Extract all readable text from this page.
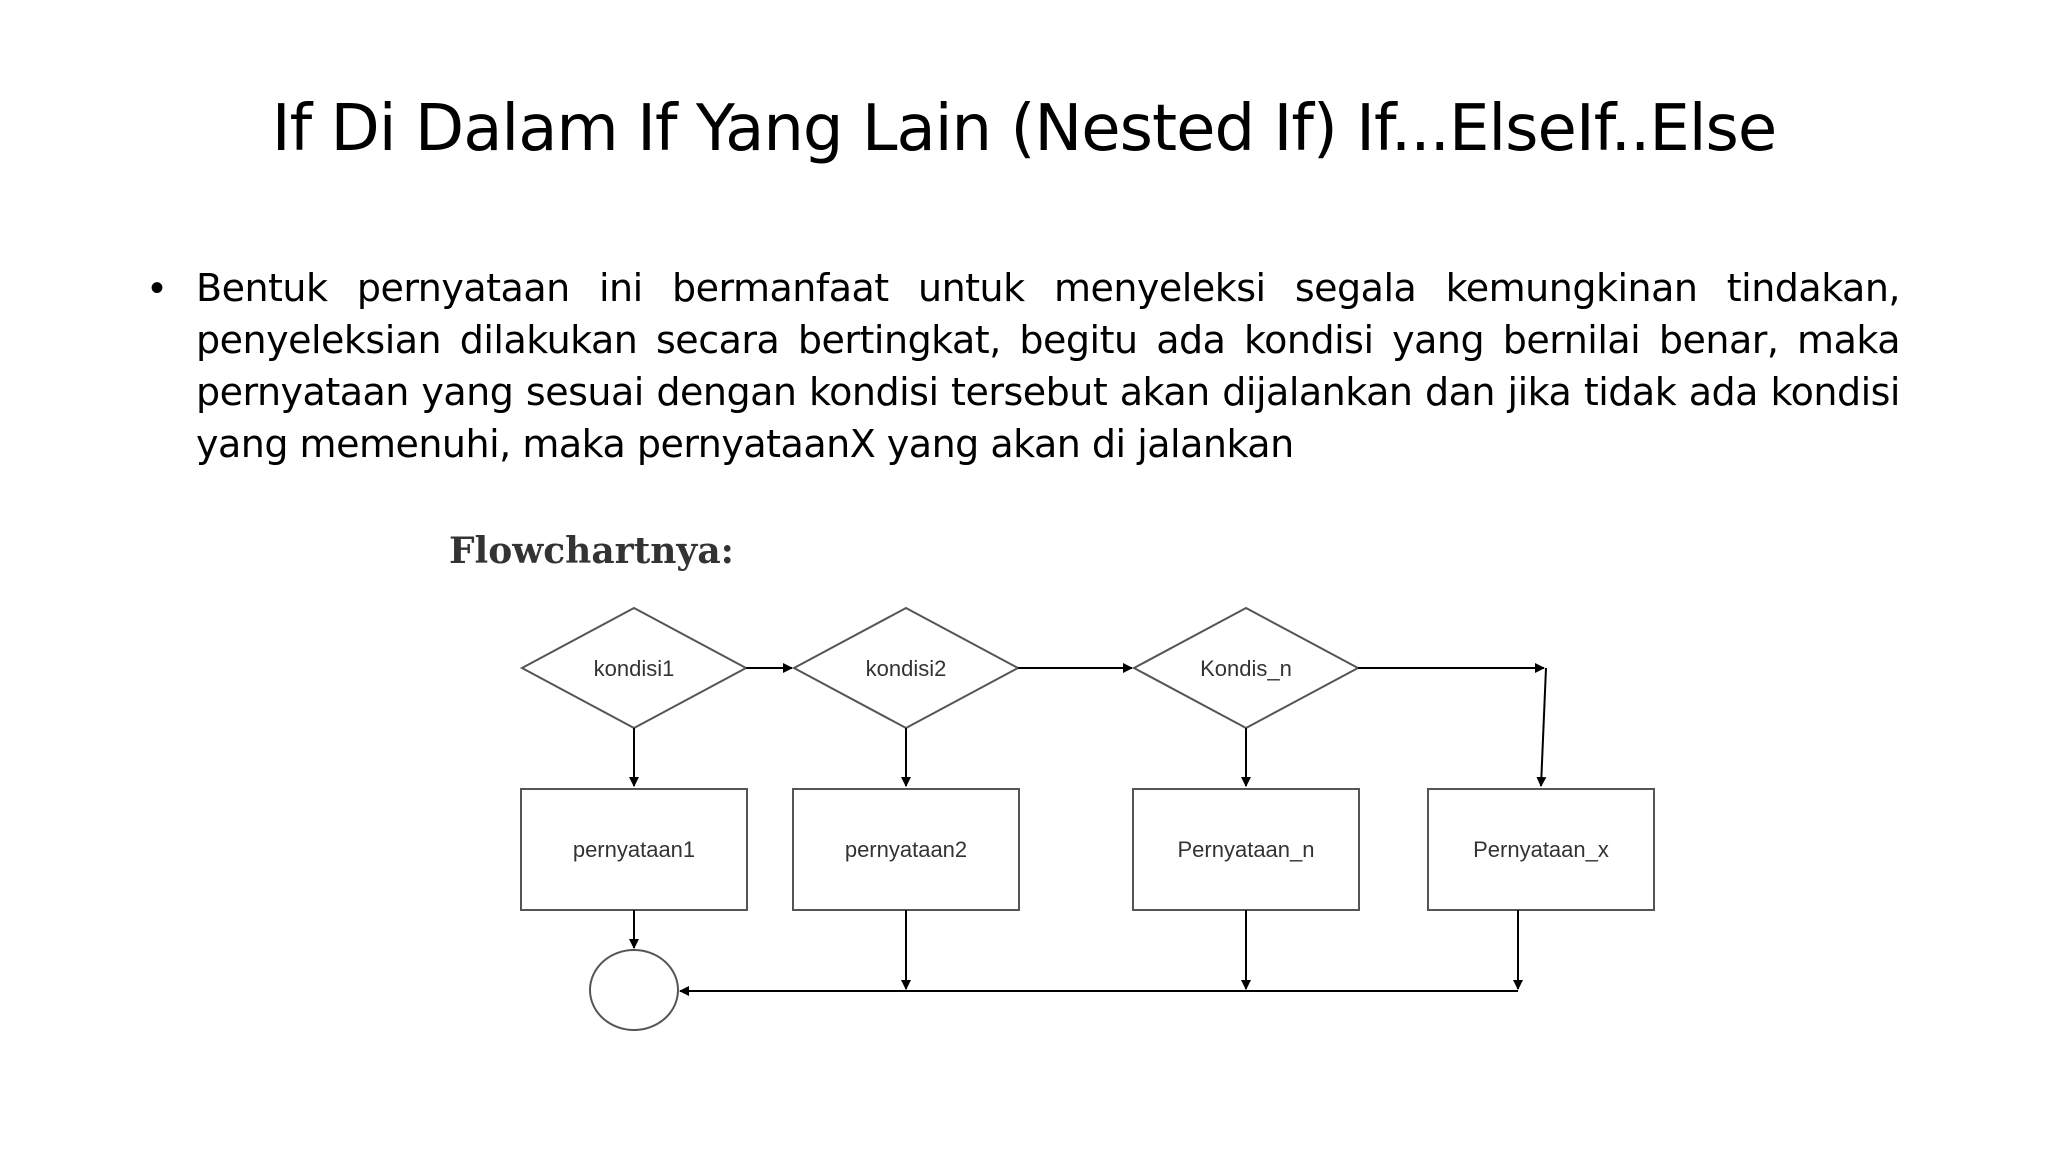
If Di Dalam If Yang Lain (Nested If) If...ElseIf..Else
• Bentuk pernyataan ini bermanfaat untuk menyeleksi segala kemungkinan tindakan, penyeleksian dilakukan secara bertingkat, begitu ada kondisi yang bernilai benar, maka pernyataan yang sesuai dengan kondisi tersebut akan dijalankan dan jika tidak ada kondisi yang memenuhi, maka pernyataanX yang akan di jalankan
Flowchartnya:
kondisi1	kondisi2	Kondis_n
pernyataan1	pernyataan2	Pernyataan_n	Pernyataan_x
